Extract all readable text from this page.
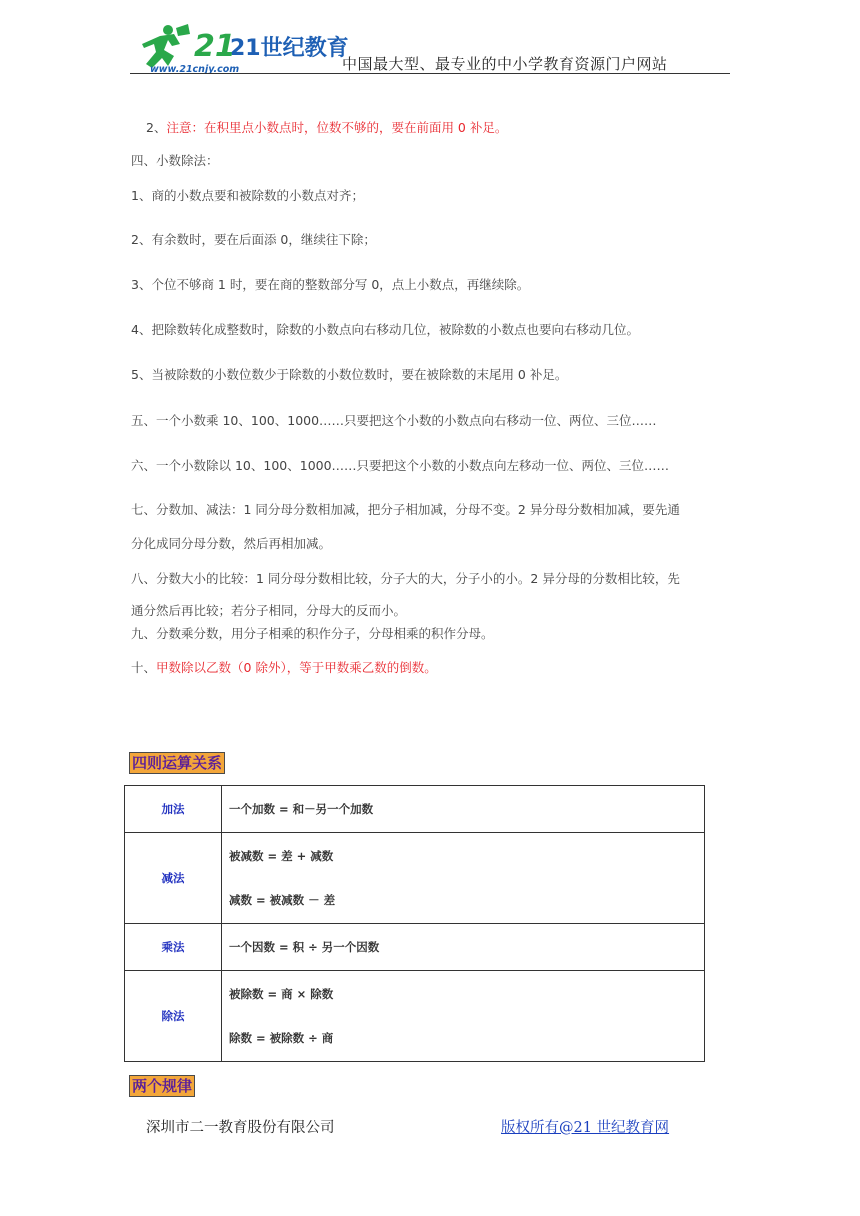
21
21世纪教育
www.21cnjy.com	中国最大型、最专业的中小学教育资源门户网站
2、注意：在积里点小数点时，位数不够的，要在前面用 0 补足。
四、小数除法：
1、商的小数点要和被除数的小数点对齐；
2、有余数时，要在后面添 0，继续往下除；
3、个位不够商 1 时，要在商的整数部分写 0，点上小数点，再继续除。
4、把除数转化成整数时，除数的小数点向右移动几位，被除数的小数点也要向右移动几位。
5、当被除数的小数位数少于除数的小数位数时，要在被除数的末尾用 0 补足。
五、一个小数乘 10、100、1000……只要把这个小数的小数点向右移动一位、两位、三位……
六、一个小数除以 10、100、1000……只要把这个小数的小数点向左移动一位、两位、三位……
七、分数加、减法：1 同分母分数相加减，把分子相加减，分母不变。2 异分母分数相加减，要先通
分化成同分母分数，然后再相加减。
八、分数大小的比较：1 同分母分数相比较，分子大的大，分子小的小。2 异分母的分数相比较，先
通分然后再比较；若分子相同，分母大的反而小。
九、分数乘分数，用分子相乘的积作分子，分母相乘的积作分母。
十、甲数除以乙数（0 除外），等于甲数乘乙数的倒数。
四则运算关系
加法	一个加数 = 和－另一个加数

减法	被减数 = 差 + 减数
减数 = 被减数 － 差

乘法	一个因数 = 积 ÷ 另一个因数

除法	被除数 = 商 × 除数
除数 = 被除数 ÷ 商
两个规律
深圳市二一教育股份有限公司	版权所有@21 世纪教育网
